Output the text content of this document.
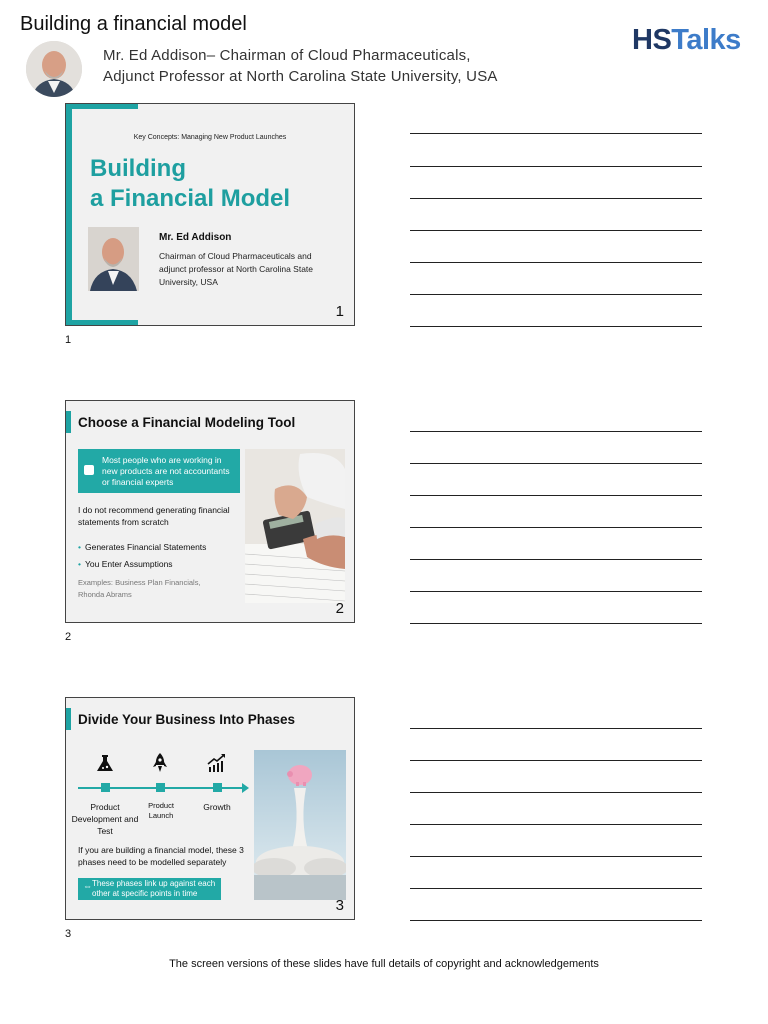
Building a financial model
Mr. Ed Addison– Chairman of Cloud Pharmaceuticals,
Adjunct Professor at North Carolina State University, USA
HSTalks
Key Concepts: Managing New Product Launches
Building
a Financial Model
Mr. Ed Addison
Chairman of Cloud Pharmaceuticals and adjunct professor at North Carolina State University, USA
1
1
Choose a Financial Modeling Tool
Most people who are working in new products are not accountants or financial experts
I do not recommend generating financial statements from scratch
• Generates Financial Statements
• You Enter Assumptions
Examples: Business Plan Financials, Rhonda Abrams
2
2
Divide Your Business Into Phases
Product Development and Test
Product Launch
Growth
If you are building a financial model, these 3 phases need to be modelled separately
⇔ These phases link up against each other at specific points in time
3
3
The screen versions of these slides have full details of copyright and acknowledgements
